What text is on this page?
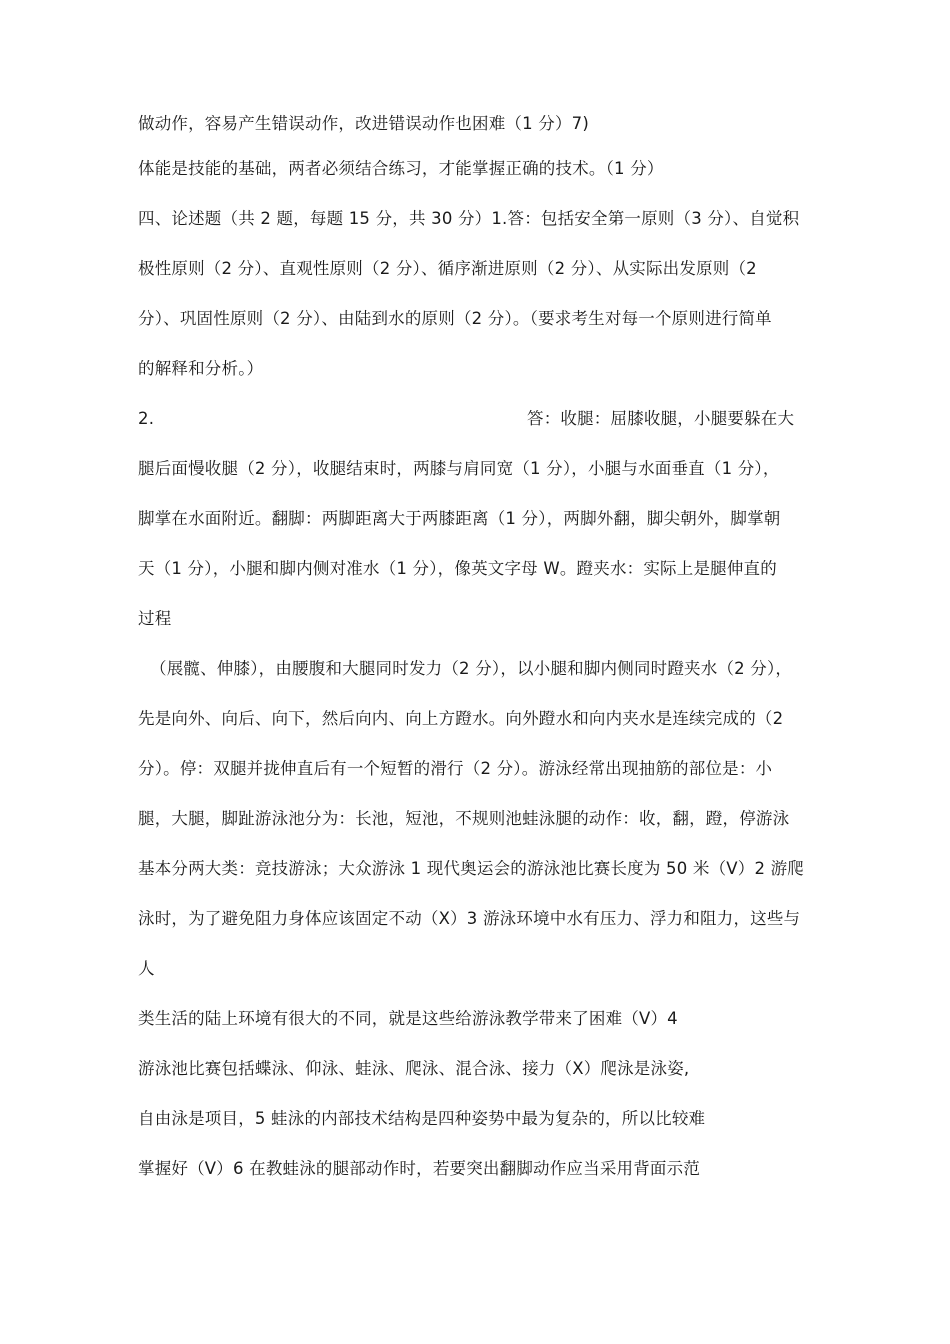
做动作，容易产生错误动作，改进错误动作也困难（1 分）7)
体能是技能的基础，两者必须结合练习，才能掌握正确的技术。（1 分）
四、论述题（共 2 题，每题 15 分，共 30 分）1.答：包括安全第一原则（3 分）、自觉积
极性原则（2 分）、直观性原则（2 分）、循序渐进原则（2 分）、从实际出发原则（2
分）、巩固性原则（2 分）、由陆到水的原则（2 分）。（要求考生对每一个原则进行简单
的解释和分析。）
2.	答：收腿：屈膝收腿，小腿要躲在大
腿后面慢收腿（2 分），收腿结束时，两膝与肩同宽（1 分），小腿与水面垂直（1 分），
脚掌在水面附近。翻脚：两脚距离大于两膝距离（1 分），两脚外翻，脚尖朝外，脚掌朝
天（1 分），小腿和脚内侧对准水（1 分），像英文字母 W。蹬夹水：实际上是腿伸直的
过程
（展髋、伸膝），由腰腹和大腿同时发力（2 分），以小腿和脚内侧同时蹬夹水（2 分），
先是向外、向后、向下，然后向内、向上方蹬水。向外蹬水和向内夹水是连续完成的（2
分）。停：双腿并拢伸直后有一个短暂的滑行（2 分）。游泳经常出现抽筋的部位是：小
腿，大腿，脚趾游泳池分为：长池，短池，不规则池蛙泳腿的动作：收，翻，蹬，停游泳
基本分两大类：竞技游泳；大众游泳 1 现代奥运会的游泳池比赛长度为 50 米（V）2 游爬
泳时，为了避免阻力身体应该固定不动（X）3 游泳环境中水有压力、浮力和阻力，这些与
人
类生活的陆上环境有很大的不同，就是这些给游泳教学带来了困难（V）4
游泳池比赛包括蝶泳、仰泳、蛙泳、爬泳、混合泳、接力（X）爬泳是泳姿,
自由泳是项目，5 蛙泳的内部技术结构是四种姿势中最为复杂的，所以比较难
掌握好（V）6 在教蛙泳的腿部动作时，若要突出翻脚动作应当采用背面示范
